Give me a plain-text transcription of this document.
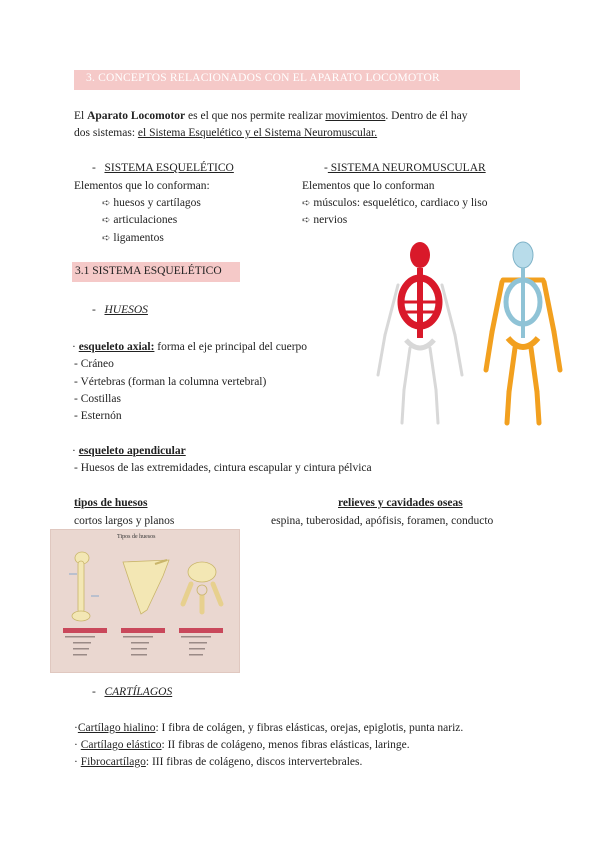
3. CONCEPTOS RELACIONADOS CON EL APARATO LOCOMOTOR
El Aparato Locomotor es el que nos permite realizar movimientos. Dentro de él hay
dos sistemas: el Sistema Esquelético y el Sistema Neuromuscular.
- SISTEMA ESQUELÉTICO
Elementos que lo conforman:
➪ huesos y cartílagos
➪ articulaciones
➪ ligamentos
- SISTEMA NEUROMUSCULAR
Elementos que lo conforman
➪ músculos: esquelético, cardiaco y liso
➪ nervios
3.1 SISTEMA ESQUELÉTICO
- HUESOS
· esqueleto axial: forma el eje principal del cuerpo
- Cráneo
- Vértebras (forman la columna vertebral)
- Costillas
- Esternón
· esqueleto apendicular
- Huesos de las extremidades, cintura escapular y cintura pélvica
tipos de huesos	relieves y cavidades oseas
cortos largos y planos	espina, tuberosidad, apófisis, foramen, conducto
Tipos de huesos
- CARTÍLAGOS
·Cartílago hialino: I fibra de colágen, y fibras elásticas, orejas, epiglotis, punta nariz.
· Cartílago elástico: II fibras de colágeno, menos fibras elásticas, laringe.
· Fibrocartílago: III fibras de colágeno, discos intervertebrales.
